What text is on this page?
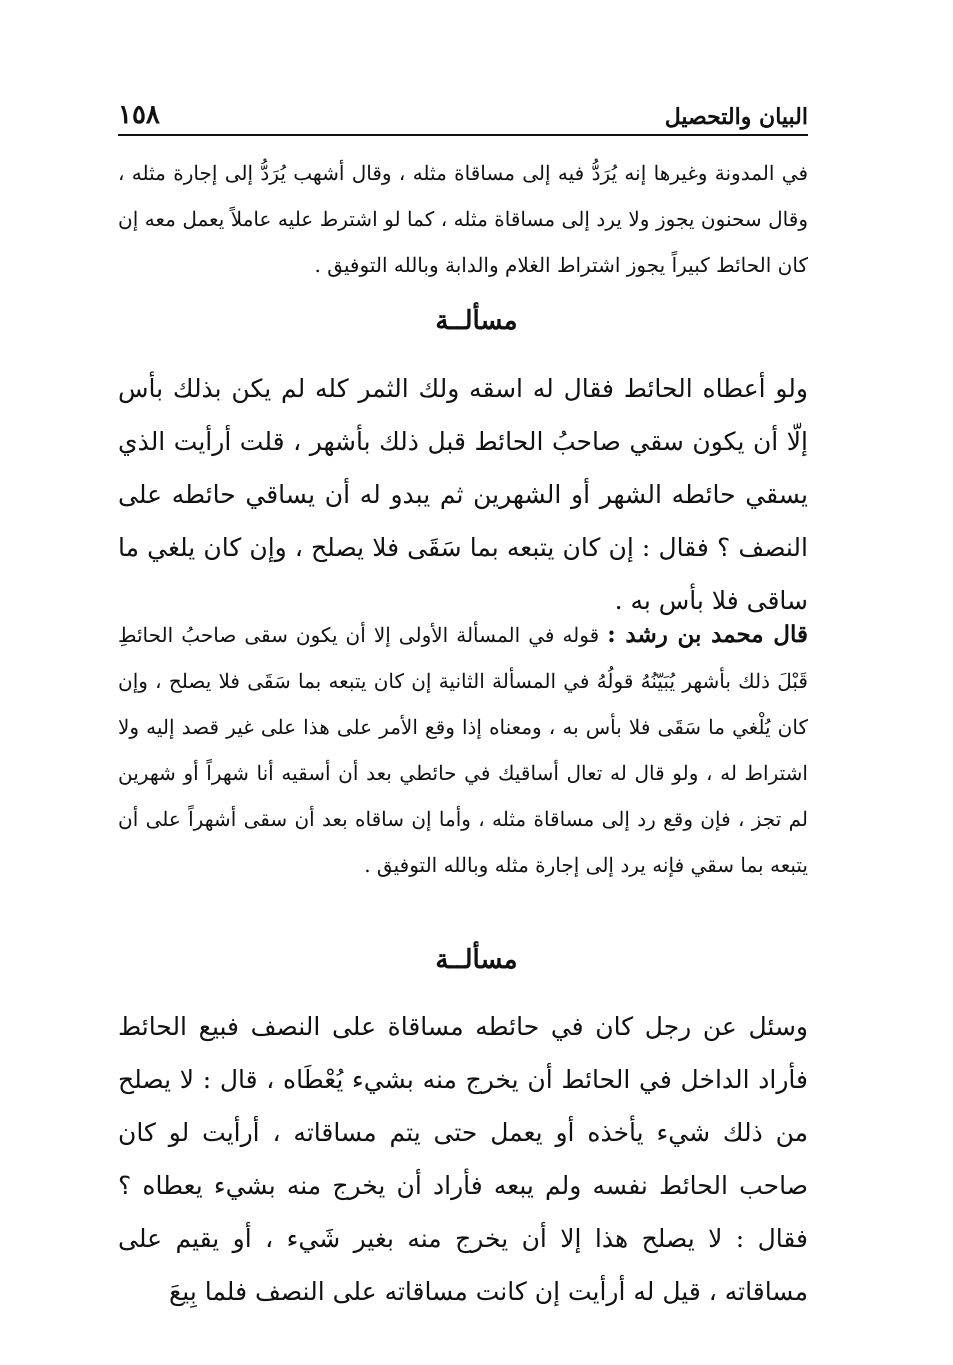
البيان والتحصيل
١٥٨

في المدونة وغيرها إنه يُرَدُّ فيه إلى مساقاة مثله ، وقال أشهب يُرَدُّ إلى إجارة مثله ، وقال سحنون يجوز ولا يرد إلى مساقاة مثله ، كما لو اشترط عليه عاملاً يعمل معه إن كان الحائط كبيراً يجوز اشتراط الغلام والدابة وبالله التوفيق .

مسألــة

ولو أعطاه الحائط فقال له اسقه ولك الثمر كله لم يكن بذلك بأس إلّا أن يكون سقي صاحبُ الحائط قبل ذلك بأشهر ، قلت أرأيت الذي يسقي حائطه الشهر أو الشهرين ثم يبدو له أن يساقي حائطه على النصف ؟ فقال : إن كان يتبعه بما سَقَى فلا يصلح ، وإن كان يلغي ما ساقى فلا بأس به .

قال محمد بن رشد : قوله في المسألة الأولى إلا أن يكون سقى صاحبُ الحائطِ قَبْلَ ذلك بأشهر يُبَيّنُهُ قولُهُ في المسألة الثانية إن كان يتبعه بما سَقَى فلا يصلح ، وإن كان يُلْغي ما سَقَى فلا بأس به ، ومعناه إذا وقع الأمر على هذا على غير قصد إليه ولا اشتراط له ، ولو قال له تعال أساقيك في حائطي بعد أن أسقيه أنا شهراً أو شهرين لم تجز ، فإن وقع رد إلى مساقاة مثله ، وأما إن ساقاه بعد أن سقى أشهراً على أن يتبعه بما سقي فإنه يرد إلى إجارة مثله وبالله التوفيق .

مسألــة

وسئل عن رجل كان في حائطه مساقاة على النصف فبيع الحائط فأراد الداخل في الحائط أن يخرج منه بشيء يُعْطَاه ، قال : لا يصلح من ذلك شيء يأخذه أو يعمل حتى يتم مساقاته ، أرأيت لو كان صاحب الحائط نفسه ولم يبعه فأراد أن يخرج منه بشيء يعطاه ؟ فقال : لا يصلح هذا إلا أن يخرج منه بغير شَيء ، أو يقيم على مساقاته ، قيل له أرأيت إن كانت مساقاته على النصف فلما بِيعَ
